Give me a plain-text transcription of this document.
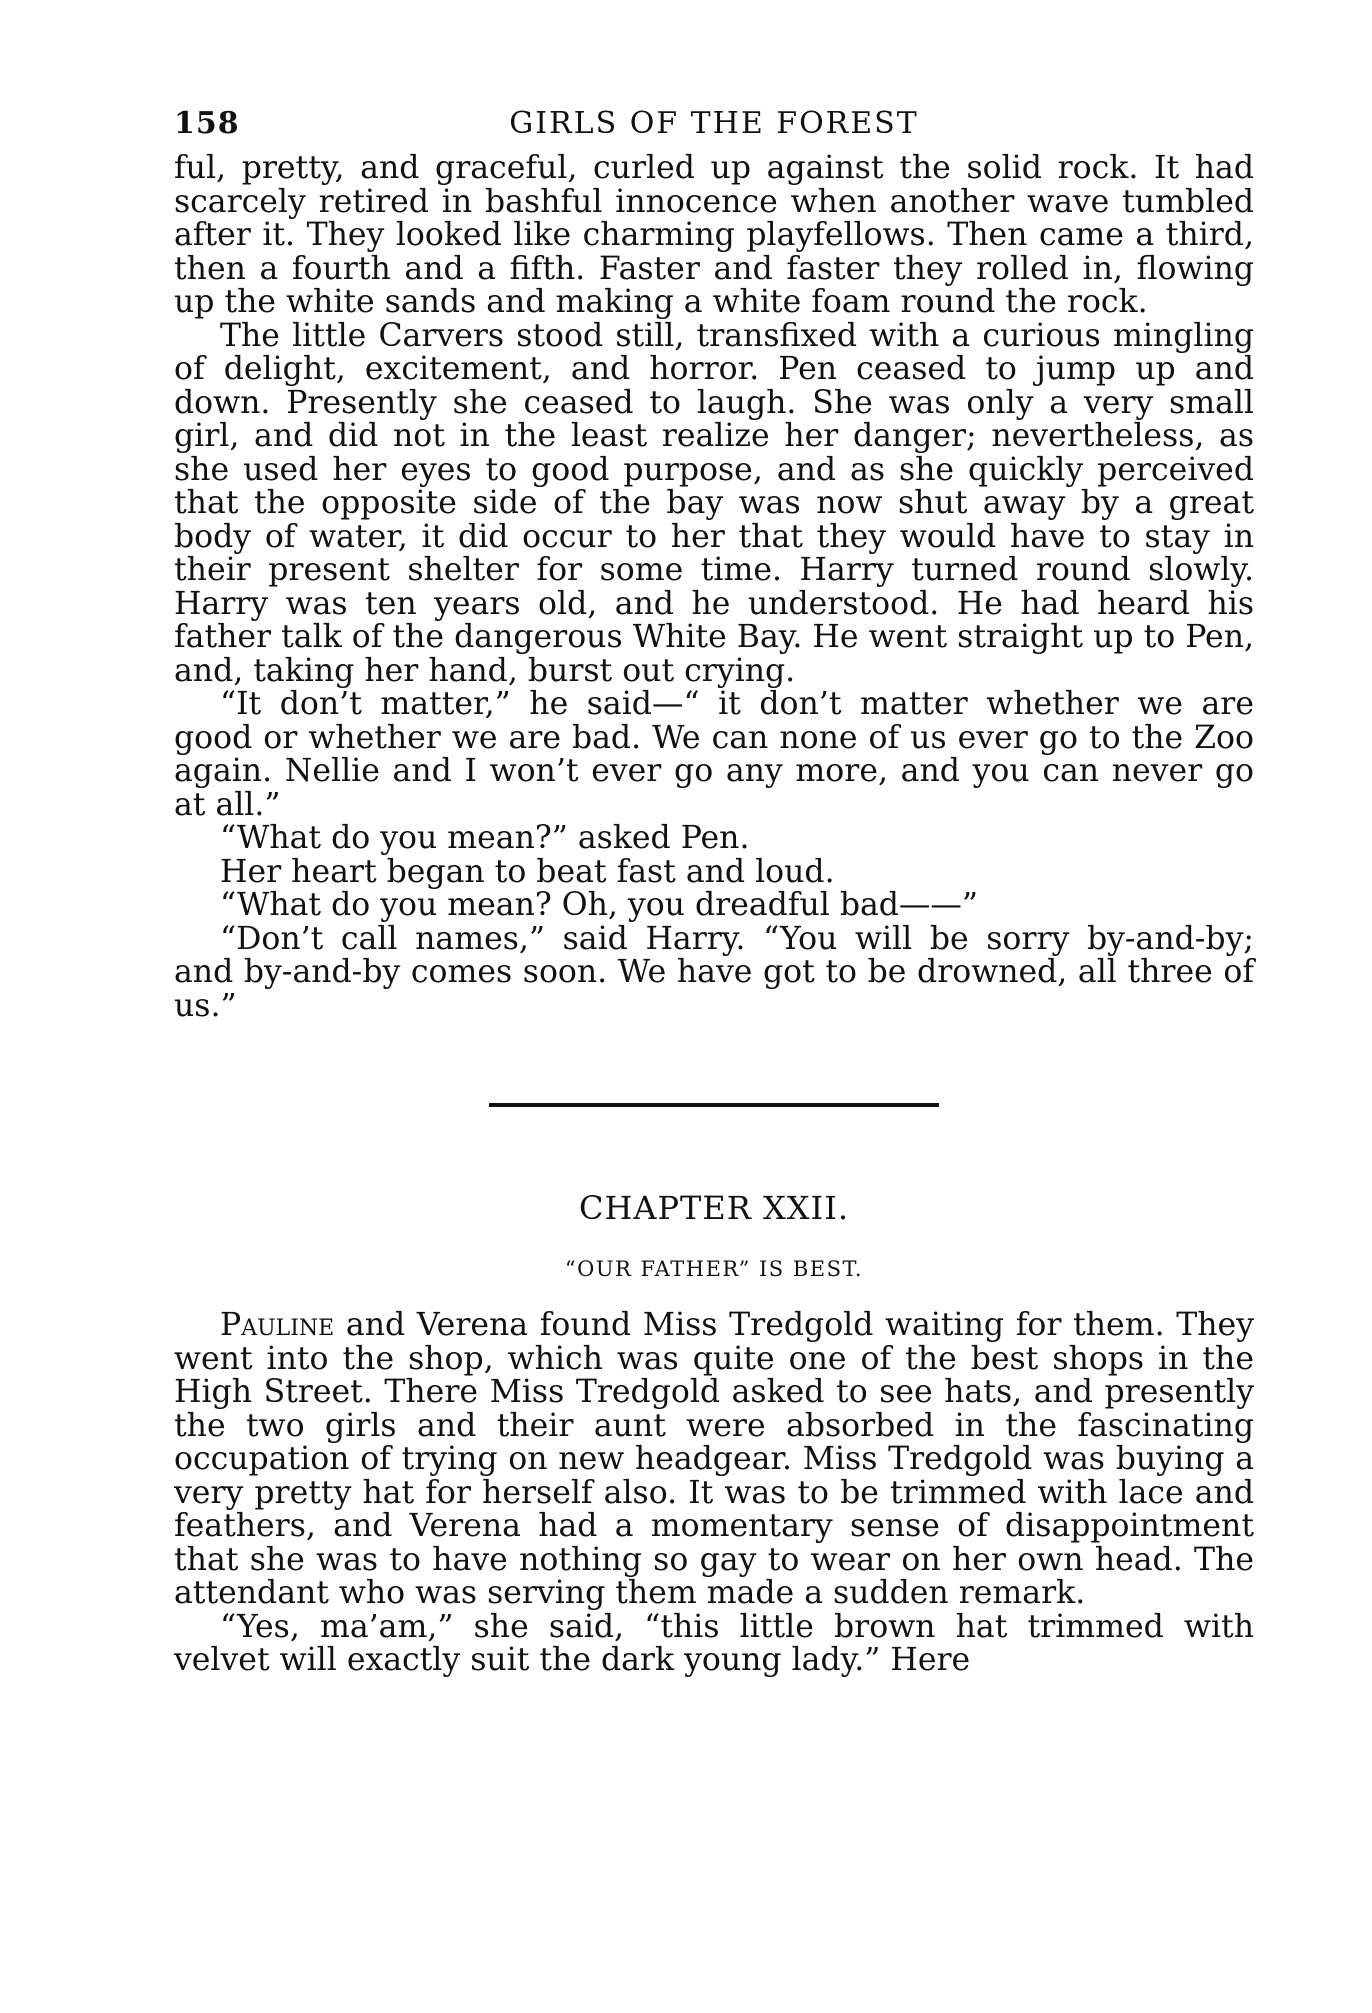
158	GIRLS OF THE FOREST

ful, pretty, and graceful, curled up against the solid rock. It had scarcely retired in bashful innocence when another wave tumbled after it. They looked like charming playfellows. Then came a third, then a fourth and a fifth. Faster and faster they rolled in, flowing up the white sands and making a white foam round the rock.

The little Carvers stood still, transfixed with a curious mingling of delight, excitement, and horror. Pen ceased to jump up and down. Presently she ceased to laugh. She was only a very small girl, and did not in the least realize her danger; nevertheless, as she used her eyes to good purpose, and as she quickly perceived that the opposite side of the bay was now shut away by a great body of water, it did occur to her that they would have to stay in their present shelter for some time. Harry turned round slowly. Harry was ten years old, and he understood. He had heard his father talk of the dangerous White Bay. He went straight up to Pen, and, taking her hand, burst out crying.

“It don’t matter,” he said—“ it don’t matter whether we are good or whether we are bad. We can none of us ever go to the Zoo again. Nellie and I won’t ever go any more, and you can never go at all.”

“What do you mean?” asked Pen.

Her heart began to beat fast and loud.

“What do you mean? Oh, you dreadful bad——”

“Don’t call names,” said Harry. “You will be sorry by-and-by; and by-and-by comes soon. We have got to be drowned, all three of us.”

CHAPTER XXII.
“OUR FATHER” IS BEST.

Pauline and Verena found Miss Tredgold waiting for them. They went into the shop, which was quite one of the best shops in the High Street. There Miss Tredgold asked to see hats, and presently the two girls and their aunt were absorbed in the fascinating occupation of trying on new headgear. Miss Tredgold was buying a very pretty hat for herself also. It was to be trimmed with lace and feathers, and Verena had a momentary sense of disappointment that she was to have nothing so gay to wear on her own head. The attendant who was serving them made a sudden remark.

“Yes, ma’am,” she said, “this little brown hat trimmed with velvet will exactly suit the dark young lady.” Here
